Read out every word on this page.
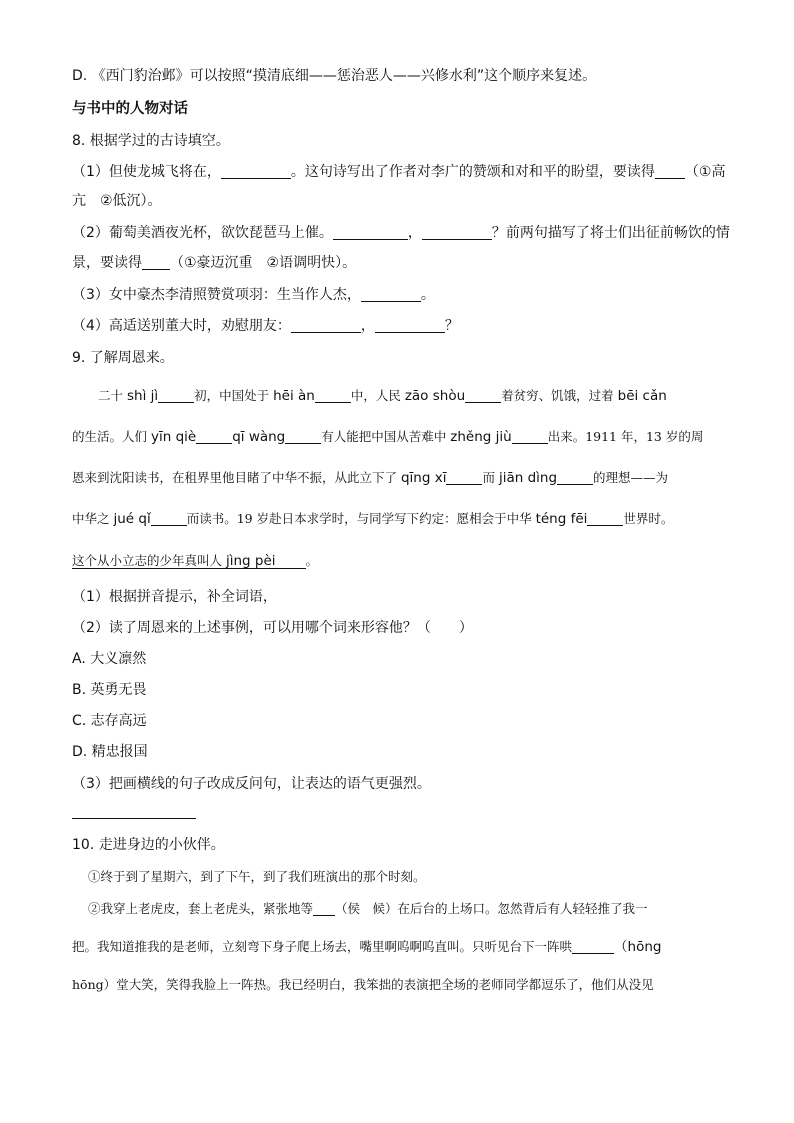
D. 《西门豹治邺》可以按照“摸清底细——惩治恶人——兴修水利”这个顺序来复述。
与书中的人物对话
8. 根据学过的古诗填空。
（1）但使龙城飞将在，	。这句诗写出了作者对李广的赞颂和对和平的盼望，要读得 （①高
亢　②低沉）。
（2）葡萄美酒夜光杯，欲饮琵琶马上催。	，	？前两句描写了将士们出征前畅饮的情
景，要读得 （①豪迈沉重　②语调明快）。
（3）女中豪杰李清照赞赏项羽：生当作人杰，	。
（4）高适送别董大时，劝慰朋友：	，	？
9. 了解周恩来。
二十 shì jì	初，中国处于 hēi àn	中，人民 zāo shòu	着贫穷、饥饿，过着 bēi cǎn
的生活。人们 yīn qiè	qī wàng	有人能把中国从苦难中 zhěng jiù	出来。1911 年，13 岁的周
恩来到沈阳读书，在租界里他目睹了中华不振，从此立下了 qīng xī	而 jiān dìng	的理想——为
中华之 jué qǐ	而读书。19 岁赴日本求学时，与同学写下约定：愿相会于中华 téng fēi	世界时。
这个从小立志的少年真叫人 jìng pèi 。
（1）根据拼音提示，补全词语，
（2）读了周恩来的上述事例，可以用哪个词来形容他？（　　）
A. 大义凛然
B. 英勇无畏
C. 志存高远
D. 精忠报国
（3）把画横线的句子改成反问句，让表达的语气更强烈。
10. 走进身边的小伙伴。
①终于到了星期六，到了下午，到了我们班演出的那个时刻。
②我穿上老虎皮，套上老虎头，紧张地等 （侯　候）在后台的上场口。忽然背后有人轻轻推了我一
把。我知道推我的是老师，立刻弯下身子爬上场去，嘴里啊呜啊呜直叫。只听见台下一阵哄	（hōng
hōng）堂大笑，笑得我脸上一阵热。我已经明白，我笨拙的表演把全场的老师同学都逗乐了，他们从没见
